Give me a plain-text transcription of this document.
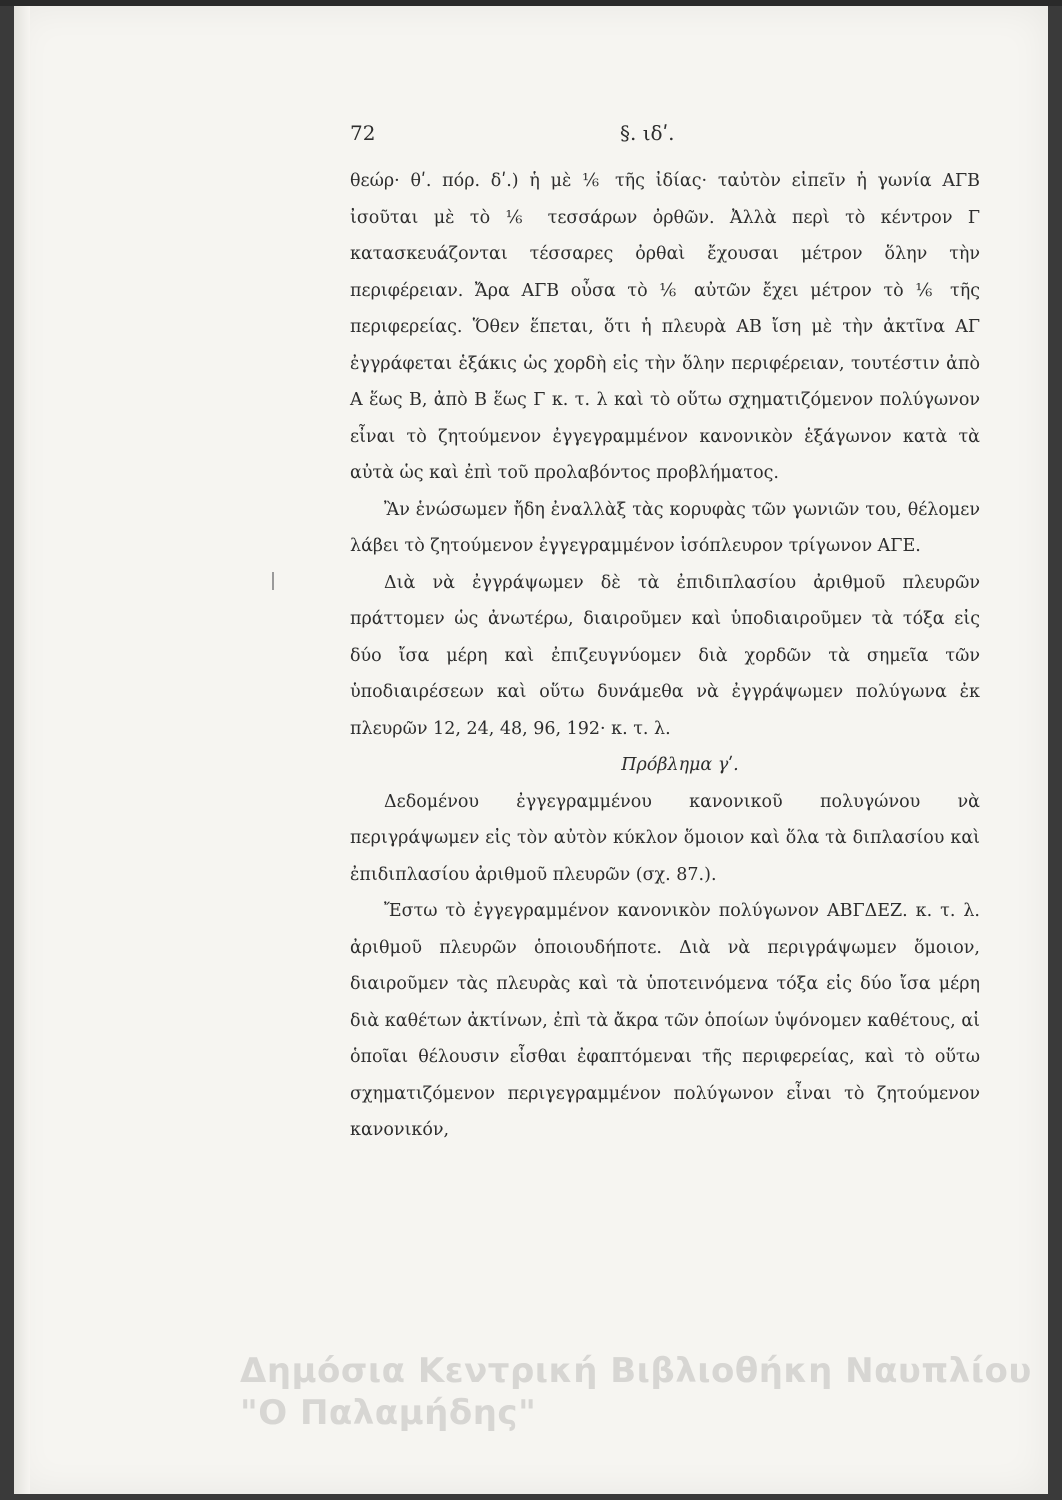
72	§. ιδʹ.

θεώρ· θʹ. πόρ. δʹ.) ἡ μὲ ⅙ τῆς ἰδίας· ταὐτὸν εἰπεῖν ἡ γωνία ΑΓΒ ἰσοῦται μὲ τὸ ⅙ τεσσάρων ὀρθῶν. Ἀλλὰ περὶ τὸ κέντρον Γ κατασκευάζονται τέσσαρες ὀρθαὶ ἔχουσαι μέτρον ὅλην τὴν περιφέρειαν. Ἄρα ΑΓΒ οὖσα τὸ ⅙ αὐτῶν ἔχει μέτρον τὸ ⅙ τῆς περιφερείας. Ὅθεν ἕπεται, ὅτι ἡ πλευρὰ ΑΒ ἴση μὲ τὴν ἀκτῖνα ΑΓ ἐγγράφεται ἑξάκις ὡς χορδὴ εἰς τὴν ὅλην περιφέρειαν, τουτέστιν ἀπὸ Α ἕως Β, ἀπὸ Β ἕως Γ κ. τ. λ καὶ τὸ οὕτω σχηματιζόμενον πολύγωνον εἶναι τὸ ζητούμενον ἐγγεγραμμένον κανονικὸν ἑξάγωνον κατὰ τὰ αὐτὰ ὡς καὶ ἐπὶ τοῦ προλαβόντος προβλήματος.

Ἂν ἑνώσωμεν ἤδη ἐναλλὰξ τὰς κορυφὰς τῶν γωνιῶν του, θέλομεν λάβει τὸ ζητούμενον ἐγγεγραμμένον ἰσόπλευρον τρίγωνον ΑΓΕ.

Διὰ νὰ ἐγγράψωμεν δὲ τὰ ἐπιδιπλασίου ἀριθμοῦ πλευρῶν πράττομεν ὡς ἀνωτέρω, διαιροῦμεν καὶ ὑποδιαιροῦμεν τὰ τόξα εἰς δύο ἴσα μέρη καὶ ἐπιζευγνύομεν διὰ χορδῶν τὰ σημεῖα τῶν ὑποδιαιρέσεων καὶ οὕτω δυνάμεθα νὰ ἐγγράψωμεν πολύγωνα ἐκ πλευρῶν 12, 24, 48, 96, 192· κ. τ. λ.

Πρόβλημα γʹ.

Δεδομένου ἐγγεγραμμένου κανονικοῦ πολυγώνου νὰ περιγράψωμεν εἰς τὸν αὐτὸν κύκλον ὅμοιον καὶ ὅλα τὰ διπλασίου καὶ ἐπιδιπλασίου ἀριθμοῦ πλευρῶν (σχ. 87.).

Ἔστω τὸ ἐγγεγραμμένον κανονικὸν πολύγωνον ΑΒΓΔΕΖ. κ. τ. λ. ἀριθμοῦ πλευρῶν ὁποιουδήποτε. Διὰ νὰ περιγράψωμεν ὅμοιον, διαιροῦμεν τὰς πλευρὰς καὶ τὰ ὑποτεινόμενα τόξα εἰς δύο ἴσα μέρη διὰ καθέτων ἀκτίνων, ἐπὶ τὰ ἄκρα τῶν ὁποίων ὑψόνομεν καθέτους, αἱ ὁποῖαι θέλουσιν εἶσθαι ἐφαπτόμεναι τῆς περιφερείας, καὶ τὸ οὕτω σχηματιζόμενον περιγεγραμμένον πολύγωνον εἶναι τὸ ζητούμενον κανονικόν,

Δημόσια Κεντρική Βιβλιοθήκη Ναυπλίου
"Ο Παλαμήδης"
